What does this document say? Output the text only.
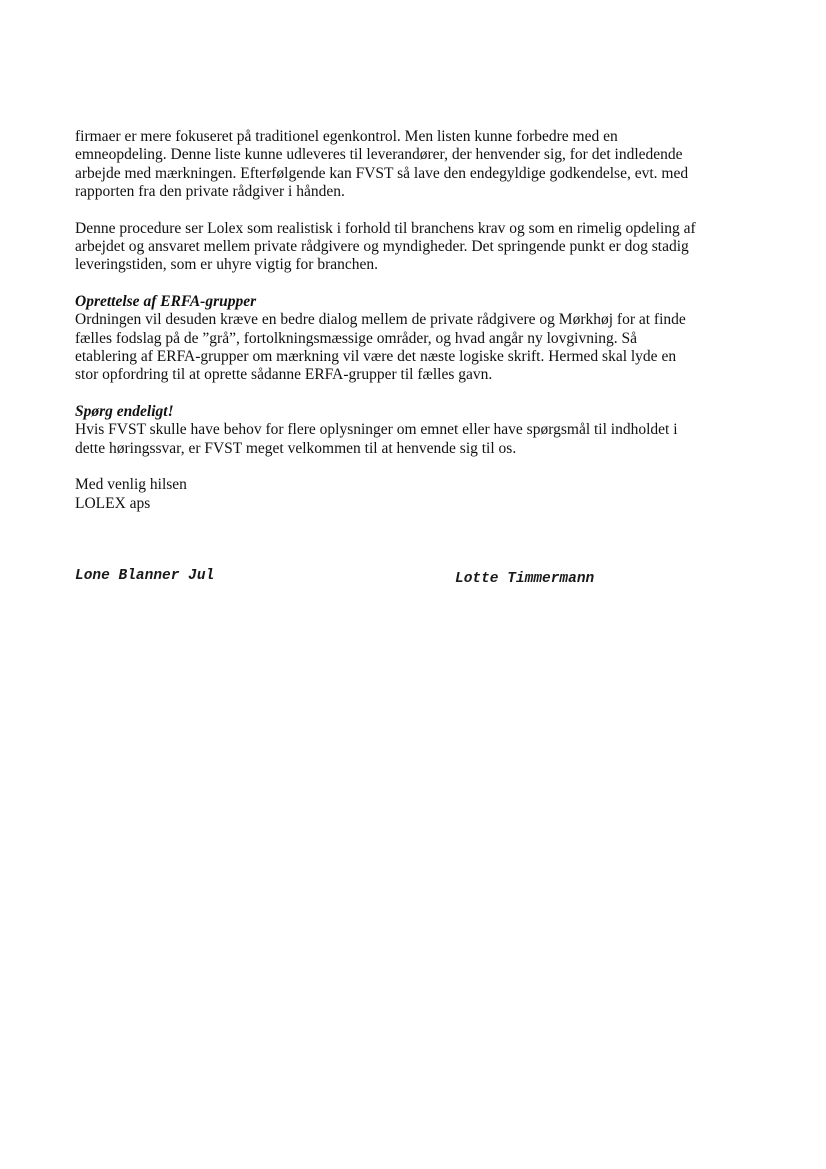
firmaer er mere fokuseret på traditionel egenkontrol. Men listen kunne forbedre med en
emneopdeling. Denne liste kunne udleveres til leverandører, der henvender sig, for det indledende
arbejde med mærkningen. Efterfølgende kan FVST så lave den endegyldige godkendelse, evt. med
rapporten fra den private rådgiver i hånden.
Denne procedure ser Lolex som realistisk i forhold til branchens krav og som en rimelig opdeling af
arbejdet og ansvaret mellem private rådgivere og myndigheder. Det springende punkt er dog stadig
leveringstiden, som er uhyre vigtig for branchen.
Oprettelse af ERFA-grupper
Ordningen vil desuden kræve en bedre dialog mellem de private rådgivere og Mørkhøj for at finde
fælles fodslag på de ”grå”, fortolkningsmæssige områder, og hvad angår ny lovgivning. Så
etablering af ERFA-grupper om mærkning vil være det næste logiske skrift. Hermed skal lyde en
stor opfordring til at oprette sådanne ERFA-grupper til fælles gavn.
Spørg endeligt!
Hvis FVST skulle have behov for flere oplysninger om emnet eller have spørgsmål til indholdet i
dette høringssvar, er FVST meget velkommen til at henvende sig til os.
Med venlig hilsen
LOLEX aps
Lone Blanner Jul	Lotte Timmermann
